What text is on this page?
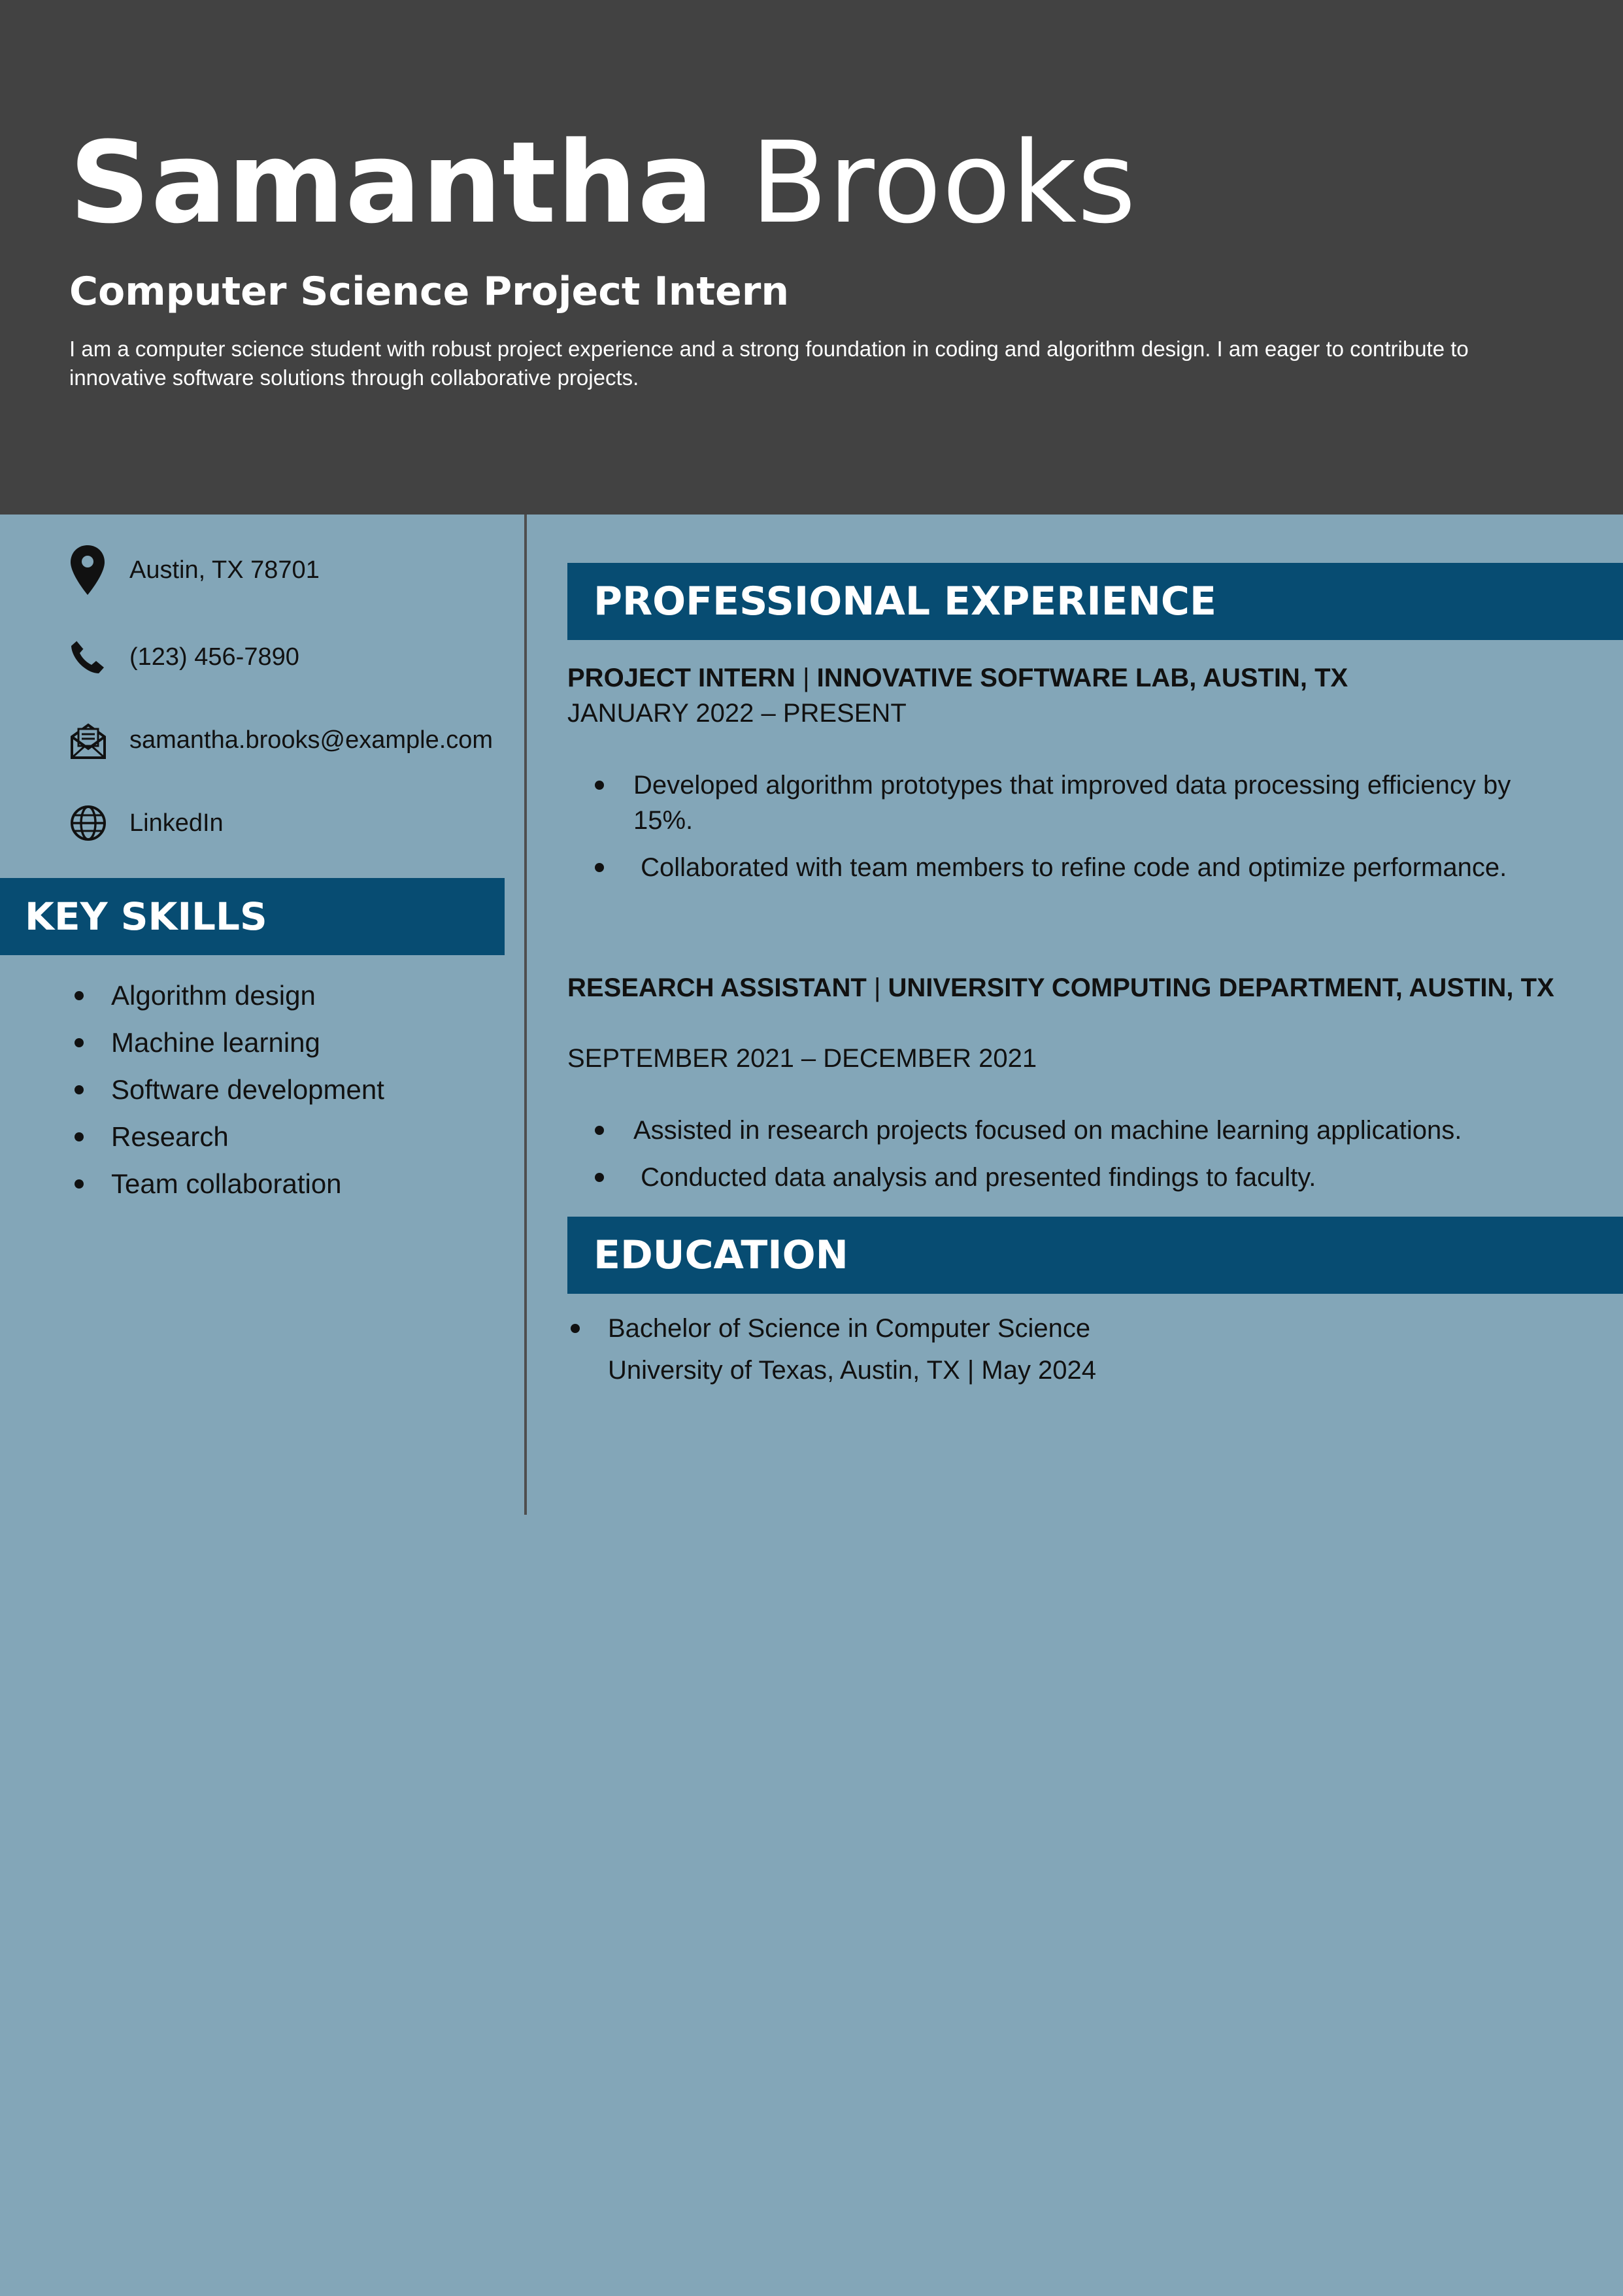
Samantha Brooks
Computer Science Project Intern
I am a computer science student with robust project experience and a strong foundation in coding and algorithm design. I am eager to contribute to innovative software solutions through collaborative projects.
Austin, TX 78701
(123) 456-7890
samantha.brooks@example.com
LinkedIn
KEY SKILLS
Algorithm design
Machine learning
Software development
Research
Team collaboration
PROFESSIONAL EXPERIENCE
PROJECT INTERN | INNOVATIVE SOFTWARE LAB, AUSTIN, TX
JANUARY 2022 – PRESENT
Developed algorithm prototypes that improved data processing efficiency by 15%.
Collaborated with team members to refine code and optimize performance.
RESEARCH ASSISTANT | UNIVERSITY COMPUTING DEPARTMENT, AUSTIN, TX
SEPTEMBER 2021 – DECEMBER 2021
Assisted in research projects focused on machine learning applications.
Conducted data analysis and presented findings to faculty.
EDUCATION
Bachelor of Science in Computer Science
University of Texas, Austin, TX | May 2024
